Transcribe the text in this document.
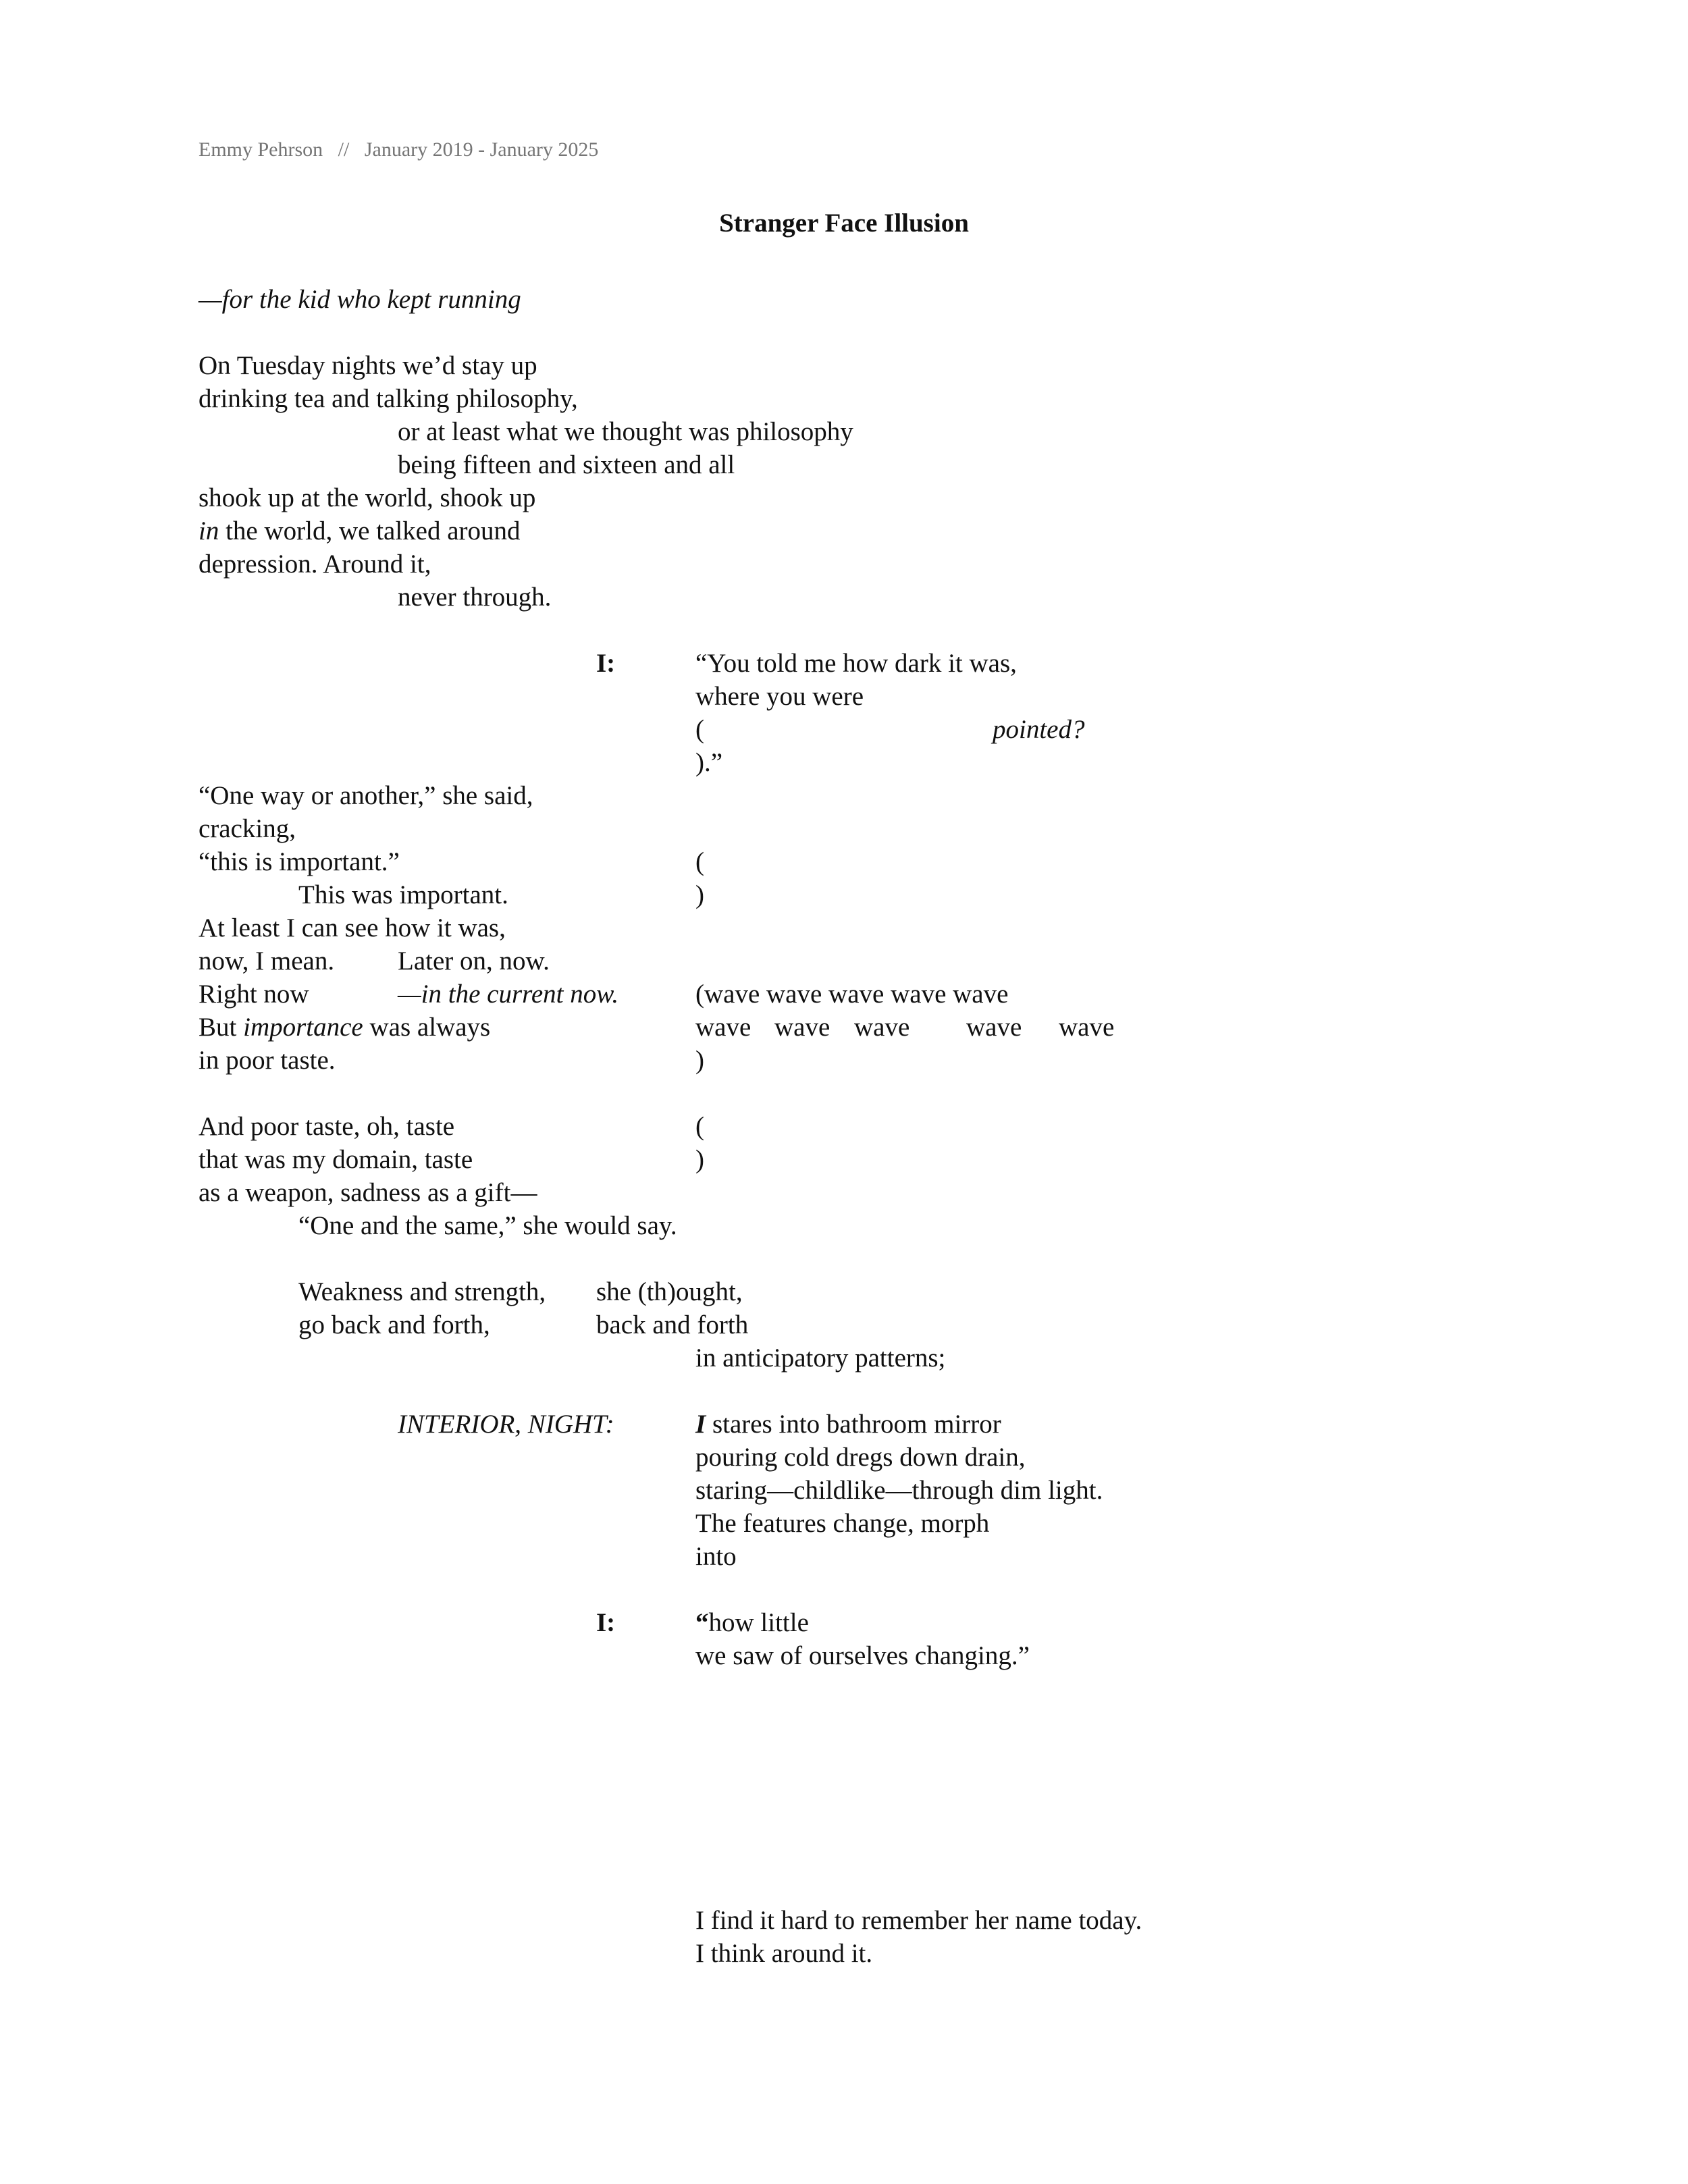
Emmy Pehrson // January 2019 - January 2025
Stranger Face Illusion
—for the kid who kept running
On Tuesday nights we’d stay up
drinking tea and talking philosophy,
or at least what we thought was philosophy
being fifteen and sixteen and all
shook up at the world, shook up
in the world, we talked around
depression. Around it,
never through.
I:	“You told me how dark it was,
where you were
(	pointed?
).”
“One way or another,” she said,
cracking,
“this is important.”
This was important.
At least I can see how it was,
now, I mean. Later on, now.
Right now	—in the current now.
But importance was always
in poor taste.
(
)
(wave wave wave wave wave
wave wave wave wave wave
)
And poor taste, oh, taste
that was my domain, taste
as a weapon, sadness as a gift—
“One and the same,” she would say.
(
)
Weakness and strength, she (th)ought,
go back and forth,	back and forth
in anticipatory patterns;
INTERIOR, NIGHT:	I stares into bathroom mirror
pouring cold dregs down drain,
staring—childlike—through dim light.
The features change, morph
into
I:	“how little
we saw of ourselves changing.”
I find it hard to remember her name today.
I think around it.
